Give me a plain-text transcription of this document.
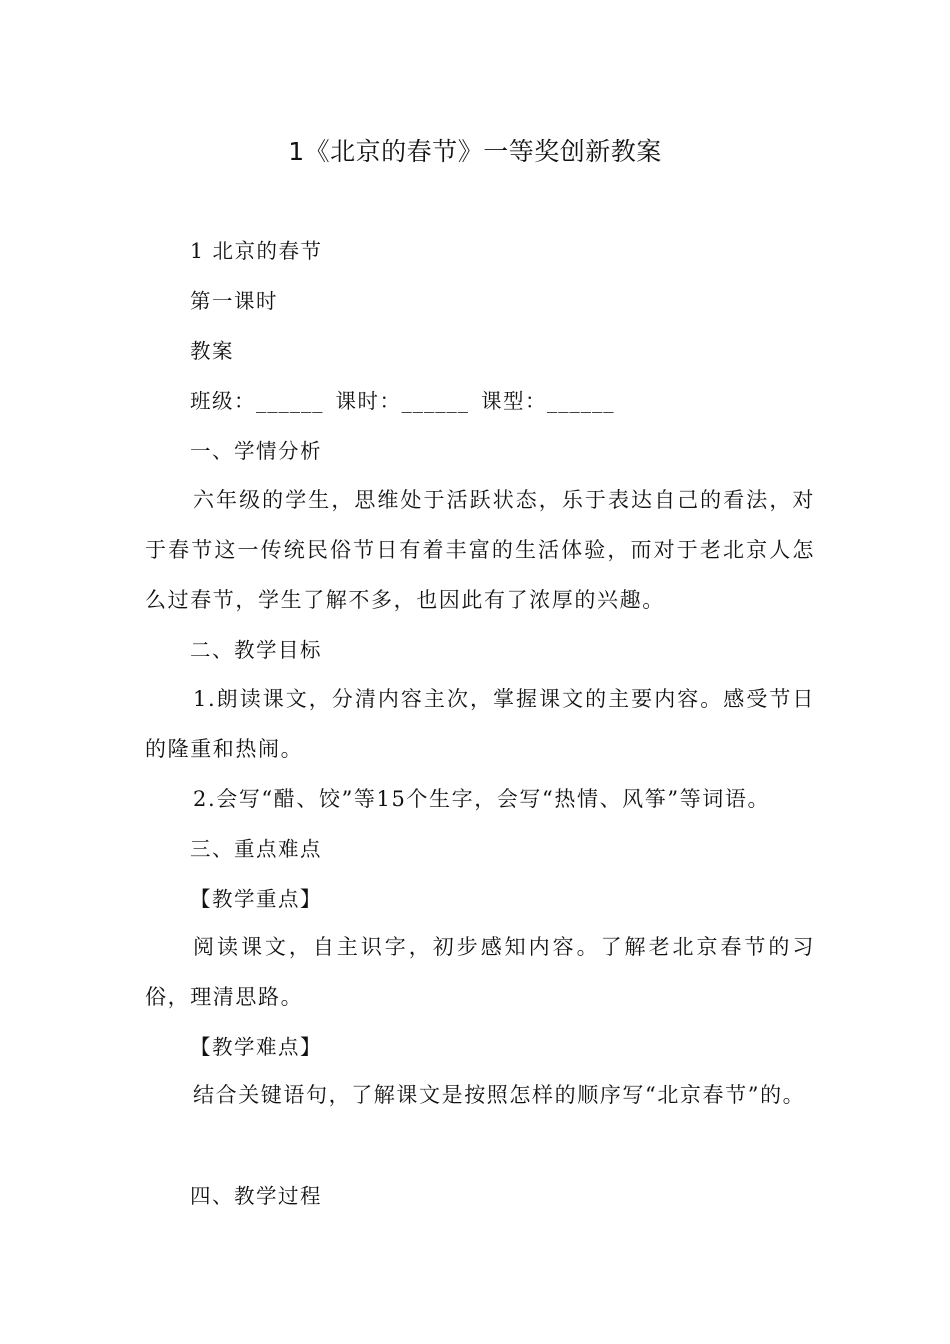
1《北京的春节》一等奖创新教案
1 北京的春节
第一课时
教案
班级：______ 课时：______ 课型：______
一、学情分析
六年级的学生，思维处于活跃状态，乐于表达自己的看法，对于春节这一传统民俗节日有着丰富的生活体验，而对于老北京人怎么过春节，学生了解不多，也因此有了浓厚的兴趣。
二、教学目标
1.朗读课文，分清内容主次，掌握课文的主要内容。感受节日的隆重和热闹。
2.会写“醋、饺”等15个生字，会写“热情、风筝”等词语。
三、重点难点
【教学重点】
阅读课文，自主识字，初步感知内容。了解老北京春节的习俗，理清思路。
【教学难点】
结合关键语句，了解课文是按照怎样的顺序写“北京春节”的。
四、教学过程
